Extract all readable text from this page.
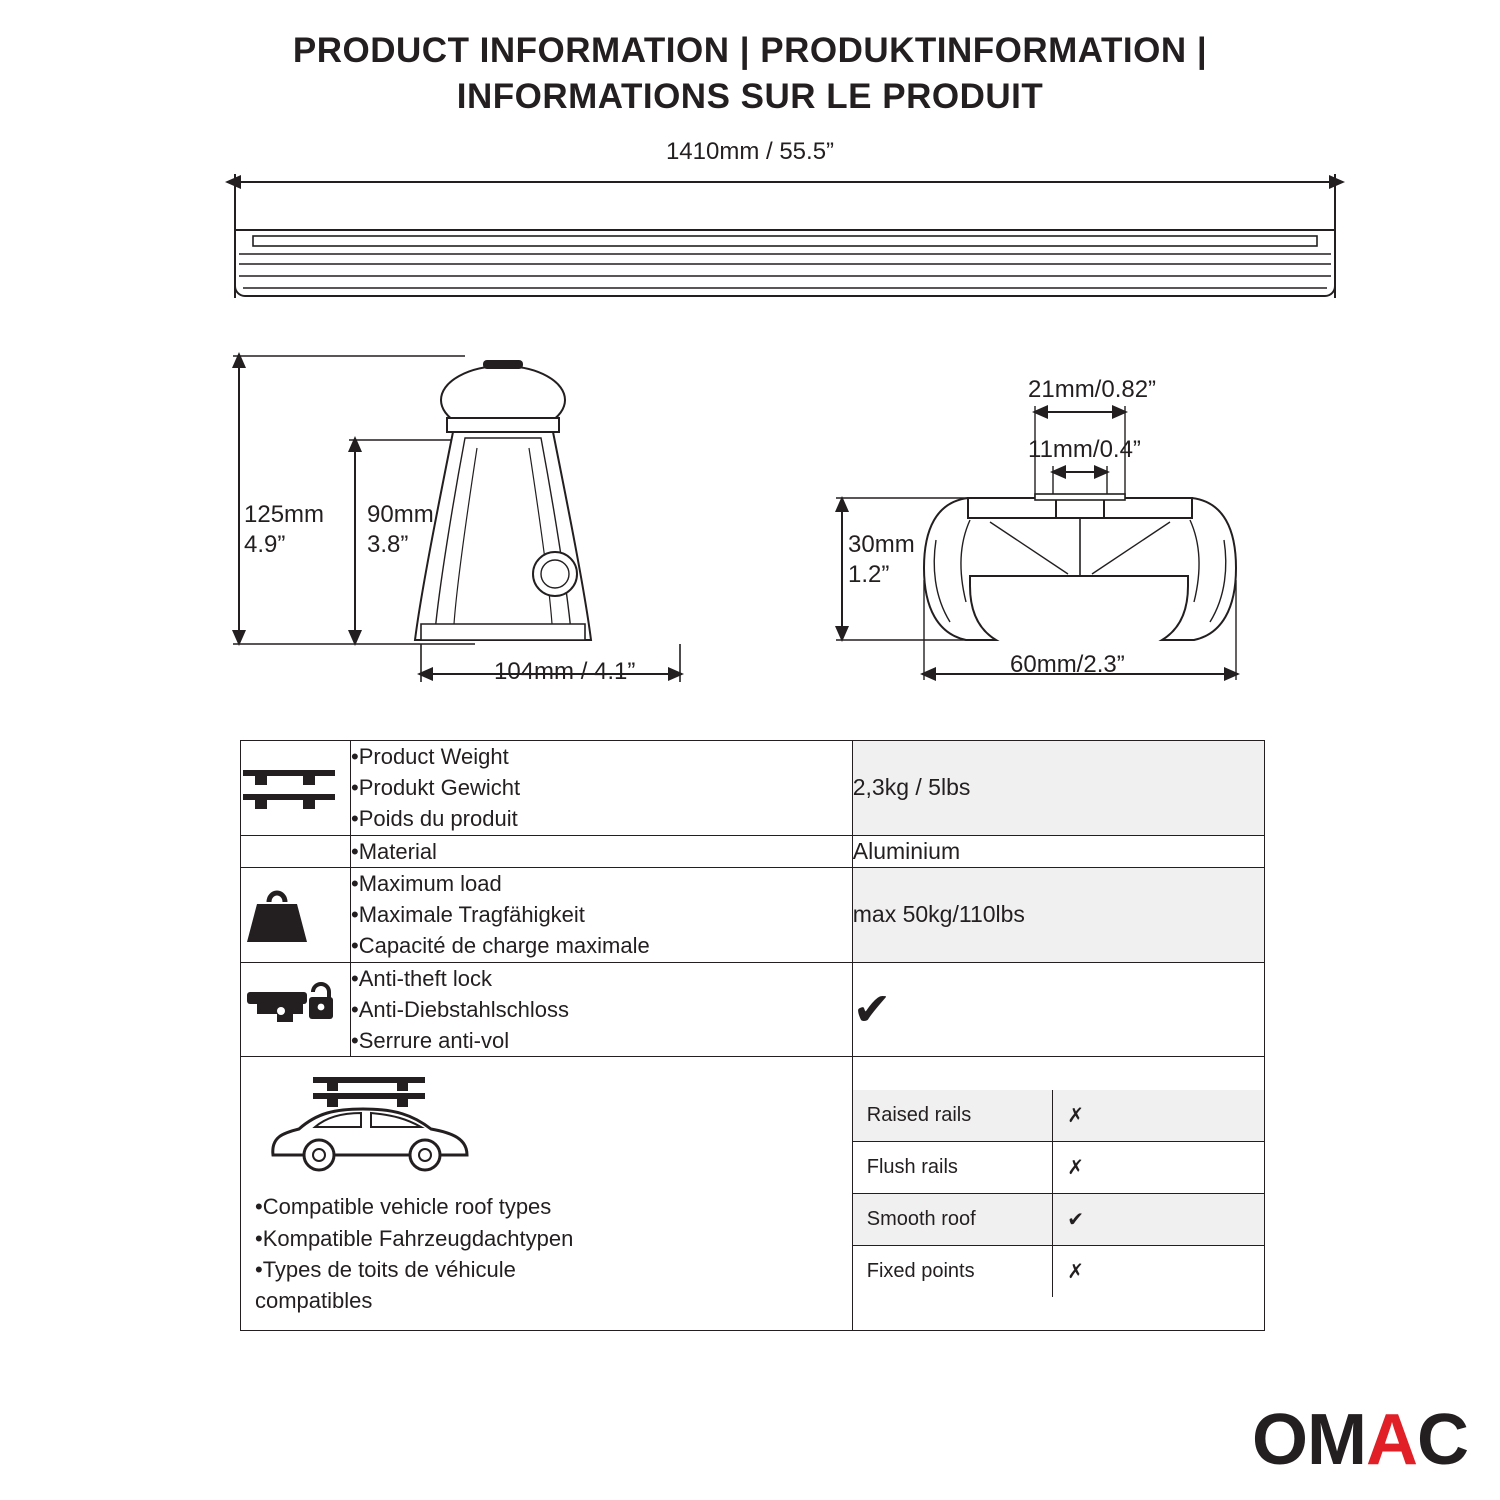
PRODUCT INFORMATION | PRODUKTINFORMATION |
INFORMATIONS SUR LE PRODUIT
1410mm / 55.5”
125mm
4.9”
90mm
3.8”
104mm / 4.1”
21mm/0.82”
11mm/0.4”
30mm
1.2”
60mm/2.3”

•Product Weight
•Produkt Gewicht
•Poids du produit
	2,3kg / 5lbs

•Material	Aluminium

•Maximum load
•Maximale Tragfähigkeit
•Capacité de charge maximale
	max 50kg/110lbs

•Anti-theft lock
•Anti-Diebstahlschloss
•Serrure anti-vol
	✔

•Compatible vehicle roof types
•Kompatible Fahrzeugdachtypen
•Types de toits de véhicule
compatibles

Raised rails	✗
Flush rails	✗
Smooth roof	✔
Fixed points	✗
OMAC
